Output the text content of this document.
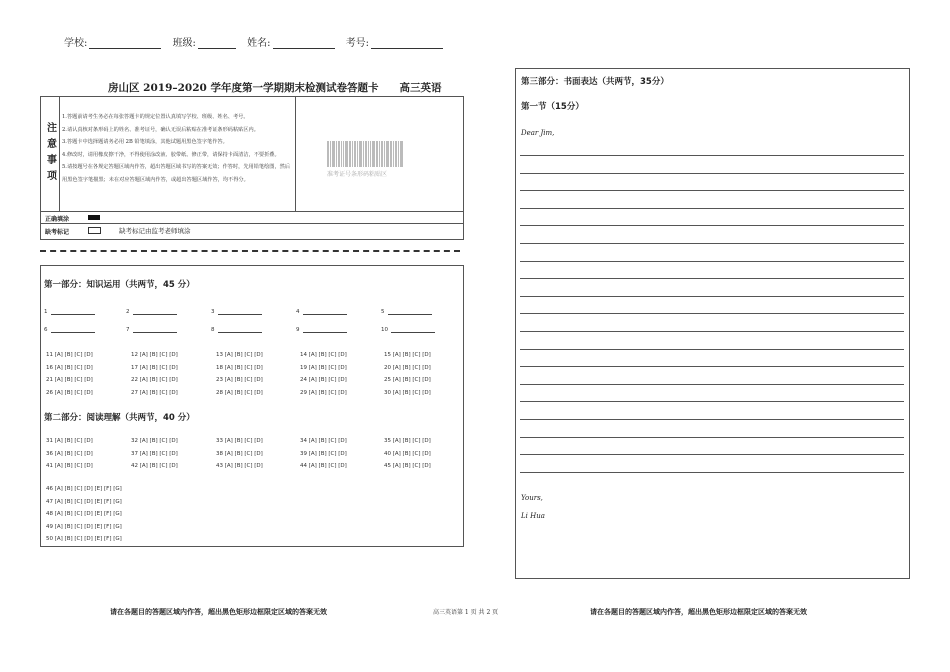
学校:	班级:	姓名:	考号:
房山区 2019–2020 学年度第一学期期末检测试卷答题卡　　高三英语
注意事项
1.答题前请考生务必在每张答题卡的规定位置认真填写学校、班级、姓名、考号。
2.请认真核对条形码上的姓名、准考证号，确认无误后粘贴在准考证条形码粘贴区内。
3.答题卡中选择题请务必用 2B 铅笔填涂，其他试题用黑色签字笔作答。
4.修改时，请用橡皮擦干净，不得使用涂改液、胶带纸、修正带，请保持卡面清洁，不要折叠。
5.请按题号在各规定答题区域内作答，超出答题区域书写的答案无效；作答时，先用铅笔绘图，然后用黑色签字笔描黑；未在对应答题区域内作答，或超出答题区域作答，均不得分。
准考证号条形码粘贴区
正确填涂
缺考标记	缺考标记由监考老师填涂
第一部分：知识运用（共两节，45 分）
1	2	3	4	5
6	7	8	9	10
11 [A] [B] [C] [D]	12 [A] [B] [C] [D]	13 [A] [B] [C] [D]	14 [A] [B] [C] [D]	15 [A] [B] [C] [D]
16 [A] [B] [C] [D]	17 [A] [B] [C] [D]	18 [A] [B] [C] [D]	19 [A] [B] [C] [D]	20 [A] [B] [C] [D]
21 [A] [B] [C] [D]	22 [A] [B] [C] [D]	23 [A] [B] [C] [D]	24 [A] [B] [C] [D]	25 [A] [B] [C] [D]
26 [A] [B] [C] [D]	27 [A] [B] [C] [D]	28 [A] [B] [C] [D]	29 [A] [B] [C] [D]	30 [A] [B] [C] [D]
第二部分：阅读理解（共两节，40 分）
31 [A] [B] [C] [D]	32 [A] [B] [C] [D]	33 [A] [B] [C] [D]	34 [A] [B] [C] [D]	35 [A] [B] [C] [D]
36 [A] [B] [C] [D]	37 [A] [B] [C] [D]	38 [A] [B] [C] [D]	39 [A] [B] [C] [D]	40 [A] [B] [C] [D]
41 [A] [B] [C] [D]	42 [A] [B] [C] [D]	43 [A] [B] [C] [D]	44 [A] [B] [C] [D]	45 [A] [B] [C] [D]
46 [A] [B] [C] [D] [E] [F] [G]
47 [A] [B] [C] [D] [E] [F] [G]
48 [A] [B] [C] [D] [E] [F] [G]
49 [A] [B] [C] [D] [E] [F] [G]
50 [A] [B] [C] [D] [E] [F] [G]
第三部分：书面表达（共两节，35分）
第一节（15分）
Dear Jim,
Yours,
Li Hua
请在各题目的答题区域内作答，超出黑色矩形边框限定区域的答案无效	高三英语第 1 页 共 2 页	请在各题目的答题区域内作答，超出黑色矩形边框限定区域的答案无效
